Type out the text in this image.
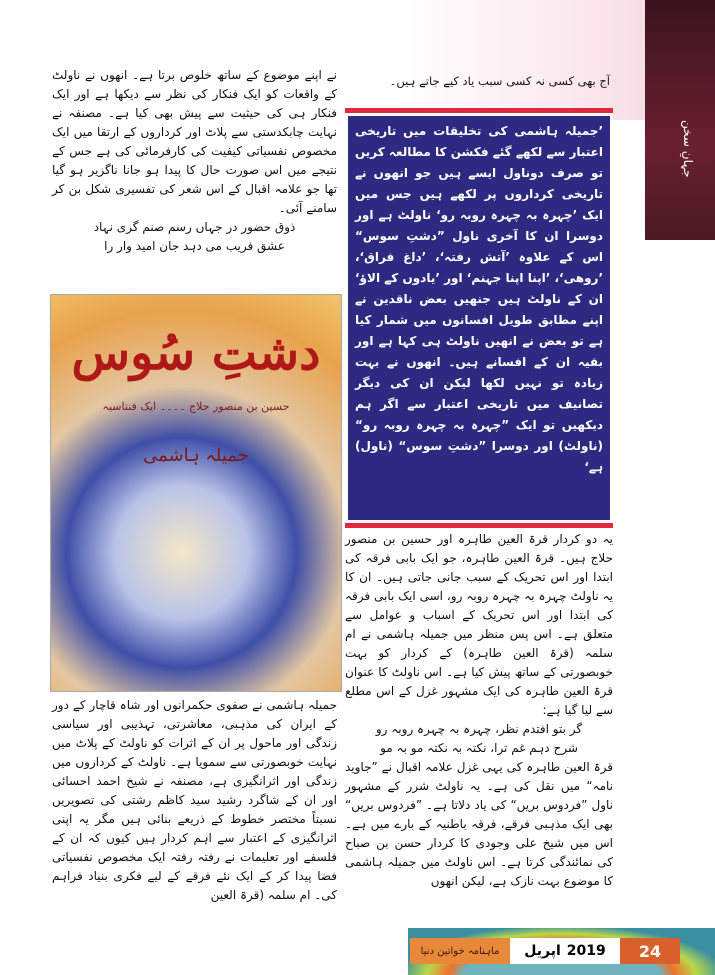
جہانِ سخن
آج بھی کسی نہ کسی سبب یاد کیے جاتے ہیں۔
’جمیلہ ہاشمی کی تخلیقات میں تاریخی اعتبار سے لکھے گئے فکشن کا مطالعہ کریں تو صرف دوناول ایسے ہیں جو انھوں نے تاریخی کرداروں پر لکھے ہیں جس میں ایک ’چہرہ بہ چہرہ روبہ رو‘ ناولٹ ہے اور دوسرا ان کا آخری ناول ”دشتِ سوس“ اس کے علاوہ ’آتش رفتہ‘، ’داغ فراق‘، ’روھی‘، ’اپنا اپنا جہنم‘ اور ’یادوں کے الاؤ‘ ان کے ناولٹ ہیں جنھیں بعض ناقدین نے اپنے مطابق طویل افسانوں میں شمار کیا ہے تو بعض نے انھیں ناولٹ ہی کہا ہے اور بقیہ ان کے افسانے ہیں۔ انھوں نے بہت زیادہ تو نہیں لکھا لیکن ان کی دیگر تصانیف میں تاریخی اعتبار سے اگر ہم دیکھیں تو ایک ”چہرہ بہ چہرہ روبہ رو“ (ناولٹ) اور دوسرا ”دشتِ سوس“ (ناول) ہے‘
نے اپنے موضوع کے ساتھ خلوص برتا ہے۔ انھوں نے ناولٹ کے واقعات کو ایک فنکار کی نظر سے دیکھا ہے اور ایک فنکار ہی کی حیثیت سے پیش بھی کیا ہے۔ مصنفہ نے نہایت چابکدستی سے پلاٹ اور کرداروں کے ارتقا میں ایک مخصوص نفسیاتی کیفیت کی کارفرمائی کی ہے جس کے نتیجے میں اس صورت حال کا پیدا ہو جانا ناگزیر ہو گیا تھا جو علامہ اقبال کے اس شعر کی تفسیری شکل بن کر سامنے آئی۔
ذوق حضور در جہاں رسم صنم گری نہاد
عشق فریب می دہد جان امید وار را
دشتِ سُوس
حسین بن منصور حلاج ۔۔۔۔ ایک فنتاسیہ
جمیلہ ہاشمی
جمیلہ ہاشمی نے صفوی حکمرانوں اور شاہ قاچار کے دور کے ایران کی مذہبی، معاشرتی، تہذیبی اور سیاسی زندگی اور ماحول پر ان کے اثرات کو ناولٹ کے پلاٹ میں نہایت خوبصورتی سے سمویا ہے۔ ناولٹ کے کرداروں میں زندگی اور اثرانگیزی ہے، مصنفہ نے شیخ احمد احسائی اور ان کے شاگرد رشید سید کاظم رشتی کی تصویریں نسبتاً مختصر خطوط کے ذریعے بنائی ہیں مگر یہ اپنی اثرانگیزی کے اعتبار سے اہم کردار ہیں کیوں کہ ان کے فلسفے اور تعلیمات نے رفتہ رفتہ ایک مخصوص نفسیاتی فضا پیدا کر کے ایک نئے فرقے کے لیے فکری بنیاد فراہم کی۔ ام سلمہ (قرۃ العین
یہ دو کردار قرۃ العین طاہرہ اور حسین بن منصور حلاج ہیں۔ قرۃ العین طاہرہ، جو ایک بابی فرقہ کی ابتدا اور اس تحریک کے سبب جانی جاتی ہیں۔ ان کا یہ ناولٹ چہرہ بہ چہرہ روبہ رو، اسی ایک بابی فرقہ کی ابتدا اور اس تحریک کے اسباب و عوامل سے متعلق ہے۔ اس پس منظر میں جمیلہ ہاشمی نے ام سلمہ (قرۃ العین طاہرہ) کے کردار کو بہت خوبصورتی کے ساتھ پیش کیا ہے۔ اس ناولٹ کا عنوان قرۃ العین طاہرہ کی ایک مشہور غزل کے اس مطلع سے لیا گیا ہے:
گر بتو افتدم نظر، چہرہ بہ چہرہ روبہ رو
شرح دہم غم ترا، نکتہ بہ نکتہ مو بہ مو
قرۃ العین طاہرہ کی یہی غزل علامہ اقبال نے ”جاوید نامہ“ میں نقل کی ہے۔ یہ ناولٹ شرر کے مشہور ناول ”فردوس بریں“ کی یاد دلاتا ہے۔ ”فردوس بریں“ بھی ایک مذہبی فرقے، فرقہ باطنیہ کے بارے میں ہے۔ اس میں شیخ علی وجودی کا کردار حسن بن صباح کی نمائندگی کرتا ہے۔ اس ناولٹ میں جمیلہ ہاشمی کا موضوع بہت نازک ہے، لیکن انھوں
ماہنامہ خواتین دنیا	اپریل 2019	24
